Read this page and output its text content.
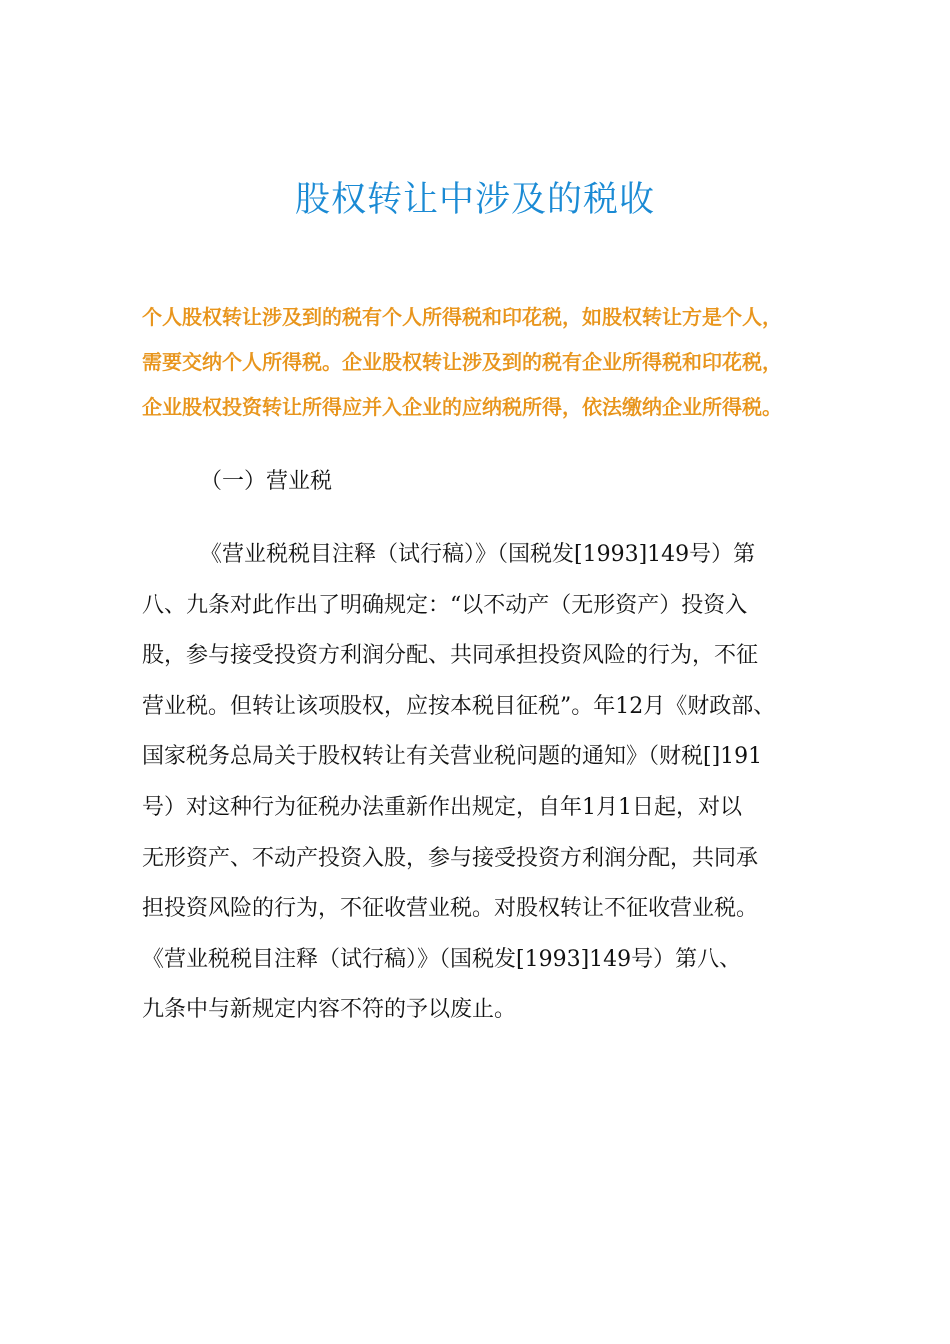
股权转让中涉及的税收
个人股权转让涉及到的税有个人所得税和印花税，如股权转让方是个人，
需要交纳个人所得税。企业股权转让涉及到的税有企业所得税和印花税，
企业股权投资转让所得应并入企业的应纳税所得，依法缴纳企业所得税。
（一）营业税
《营业税税目注释（试行稿）》（国税发[1993]149号）第
八、九条对此作出了明确规定：“以不动产（无形资产）投资入
股，参与接受投资方利润分配、共同承担投资风险的行为，不征
营业税。但转让该项股权，应按本税目征税”。年12月《财政部、
国家税务总局关于股权转让有关营业税问题的通知》（财税[]191
号）对这种行为征税办法重新作出规定，自年1月1日起，对以
无形资产、不动产投资入股，参与接受投资方利润分配，共同承
担投资风险的行为，不征收营业税。对股权转让不征收营业税。
《营业税税目注释（试行稿）》（国税发[1993]149号）第八、
九条中与新规定内容不符的予以废止。
